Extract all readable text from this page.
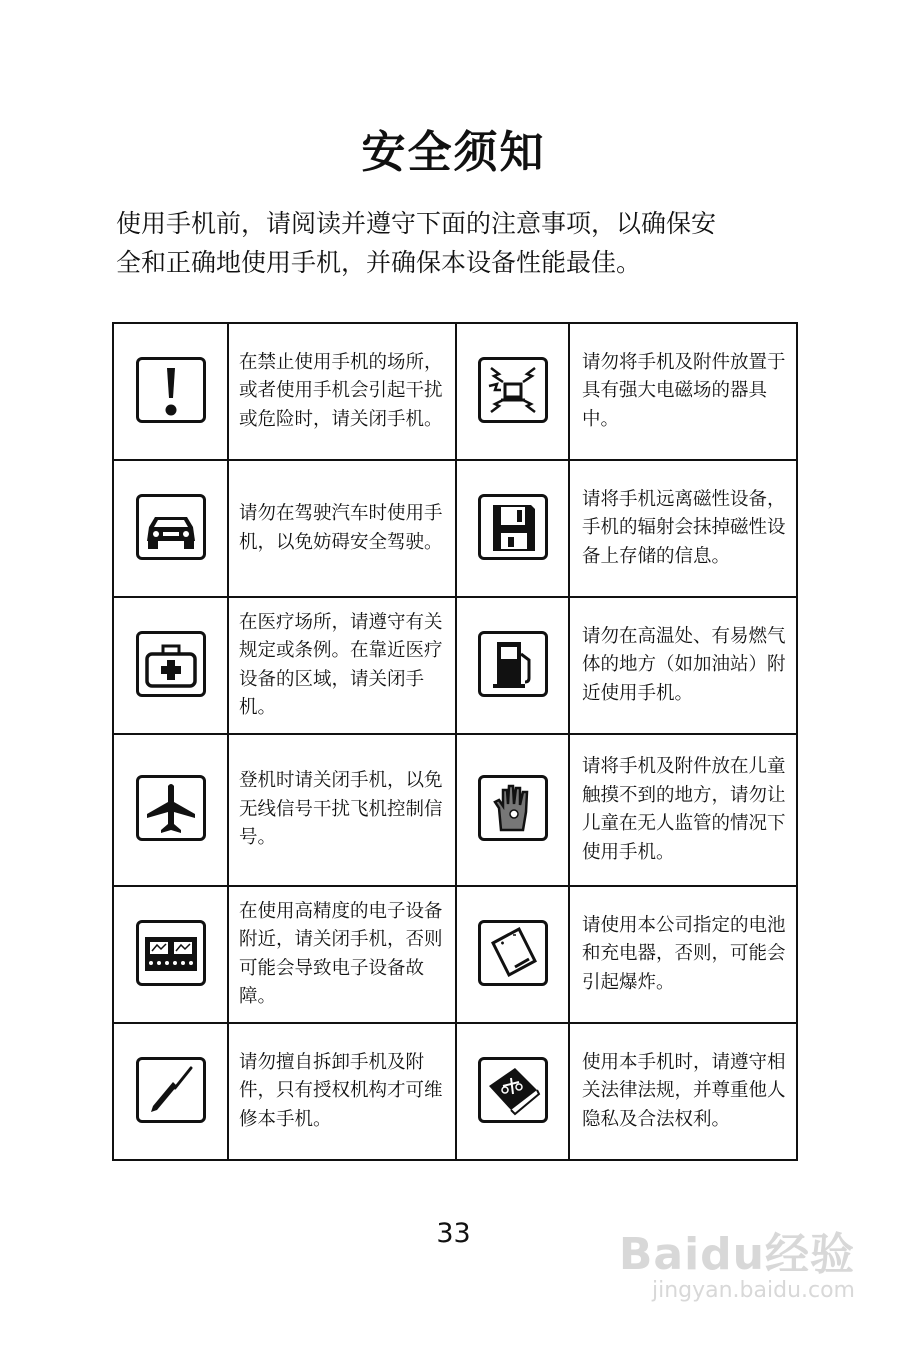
安全须知
使用手机前，请阅读并遵守下面的注意事项，以确保安
全和正确地使用手机，并确保本设备性能最佳。
	在禁止使用手机的场所，或者使用手机会引起干扰或危险时，请关闭手机。		请勿将手机及附件放置于具有强大电磁场的器具中。

	请勿在驾驶汽车时使用手机，以免妨碍安全驾驶。		请将手机远离磁性设备，手机的辐射会抹掉磁性设备上存储的信息。

	在医疗场所，请遵守有关规定或条例。在靠近医疗设备的区域，请关闭手机。		请勿在高温处、有易燃气体的地方（如加油站）附近使用手机。

	登机时请关闭手机，以免无线信号干扰飞机控制信号。		请将手机及附件放在儿童触摸不到的地方，请勿让儿童在无人监管的情况下使用手机。

	在使用高精度的电子设备附近，请关闭手机，否则可能会导致电子设备故障。		请使用本公司指定的电池和充电器，否则，可能会引起爆炸。

	请勿擅自拆卸手机及附件，只有授权机构才可维修本手机。		使用本手机时，请遵守相关法律法规，并尊重他人隐私及合法权利。
33	Baidu经验
jingyan.baidu.com
